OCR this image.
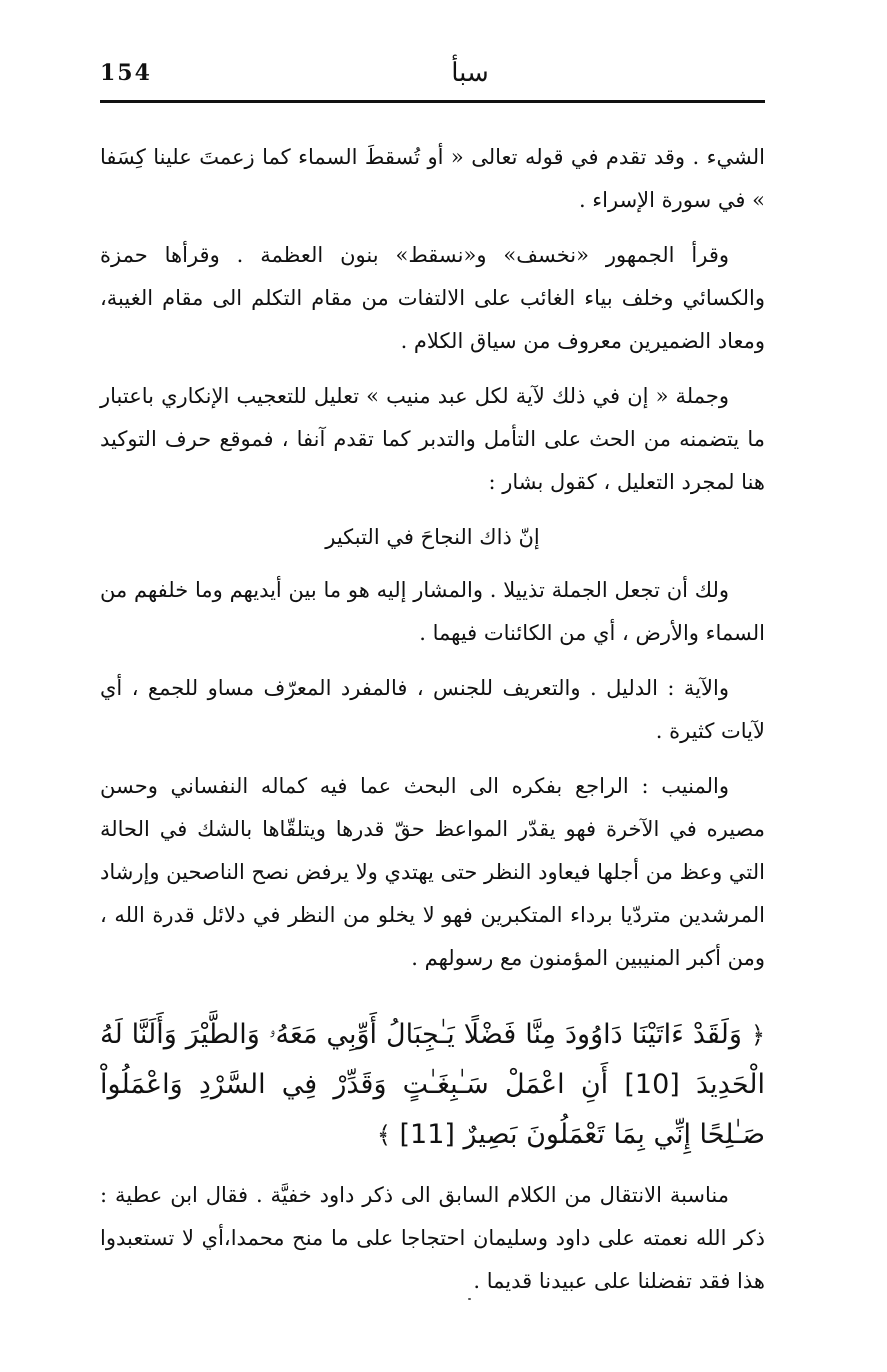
154	سبأ

الشيء . وقد تقدم في قوله تعالى « أو تُسقطَ السماء كما زعمتَ علينا كِسَفا » في سورة الإسراء .

وقرأ الجمهور «نخسف» و«نسقط» بنون العظمة . وقرأها حمزة والكسائي وخلف بياء الغائب على الالتفات من مقام التكلم الى مقام الغيبة، ومعاد الضميرين معروف من سياق الكلام .

وجملة « إن في ذلك لآية لكل عبد منيب » تعليل للتعجيب الإنكاري باعتبار ما يتضمنه من الحث على التأمل والتدبر كما تقدم آنفا ، فموقع حرف التوكيد هنا لمجرد التعليل ، كقول بشار :

إنّ ذاك النجاحَ في التبكير

ولك أن تجعل الجملة تذييلا . والمشار إليه هو ما بين أيديهم وما خلفهم من السماء والأرض ، أي من الكائنات فيهما .

والآية : الدليل . والتعريف للجنس ، فالمفرد المعرّف مساو للجمع ، أي لآيات كثيرة .

والمنيب : الراجع بفكره الى البحث عما فيه كماله النفساني وحسن مصيره في الآخرة فهو يقدّر المواعظ حقّ قدرها ويتلقّاها بالشك في الحالة التي وعظ من أجلها فيعاود النظر حتى يهتدي ولا يرفض نصح الناصحين وإرشاد المرشدين متردّيا برداء المتكبرين فهو لا يخلو من النظر في دلائل قدرة الله ، ومن أكبر المنيبين المؤمنون مع رسولهم .

﴿ وَلَقَدْ ءَاتَيْنَا دَاوُودَ مِنَّا فَضْلًا يَـٰجِبَالُ أَوِّبِي مَعَهُۥ وَالطَّيْرَ وَأَلَنَّا لَهُ الْحَدِيدَ [10] أَنِ اعْمَلْ سَـٰبِغَـٰتٍ وَقَدِّرْ فِي السَّرْدِ وَاعْمَلُواْ صَـٰلِحًا إِنِّي بِمَا تَعْمَلُونَ بَصِيرٌ [11] ﴾

مناسبة الانتقال من الكلام السابق الى ذكر داود خفيَّة . فقال ابن عطية : ذكر الله نعمته على داود وسليمان احتجاجا على ما منح محمدا،أي لا تستعبدوا هذا فقد تفضلنا على عبيدنا قديما .
